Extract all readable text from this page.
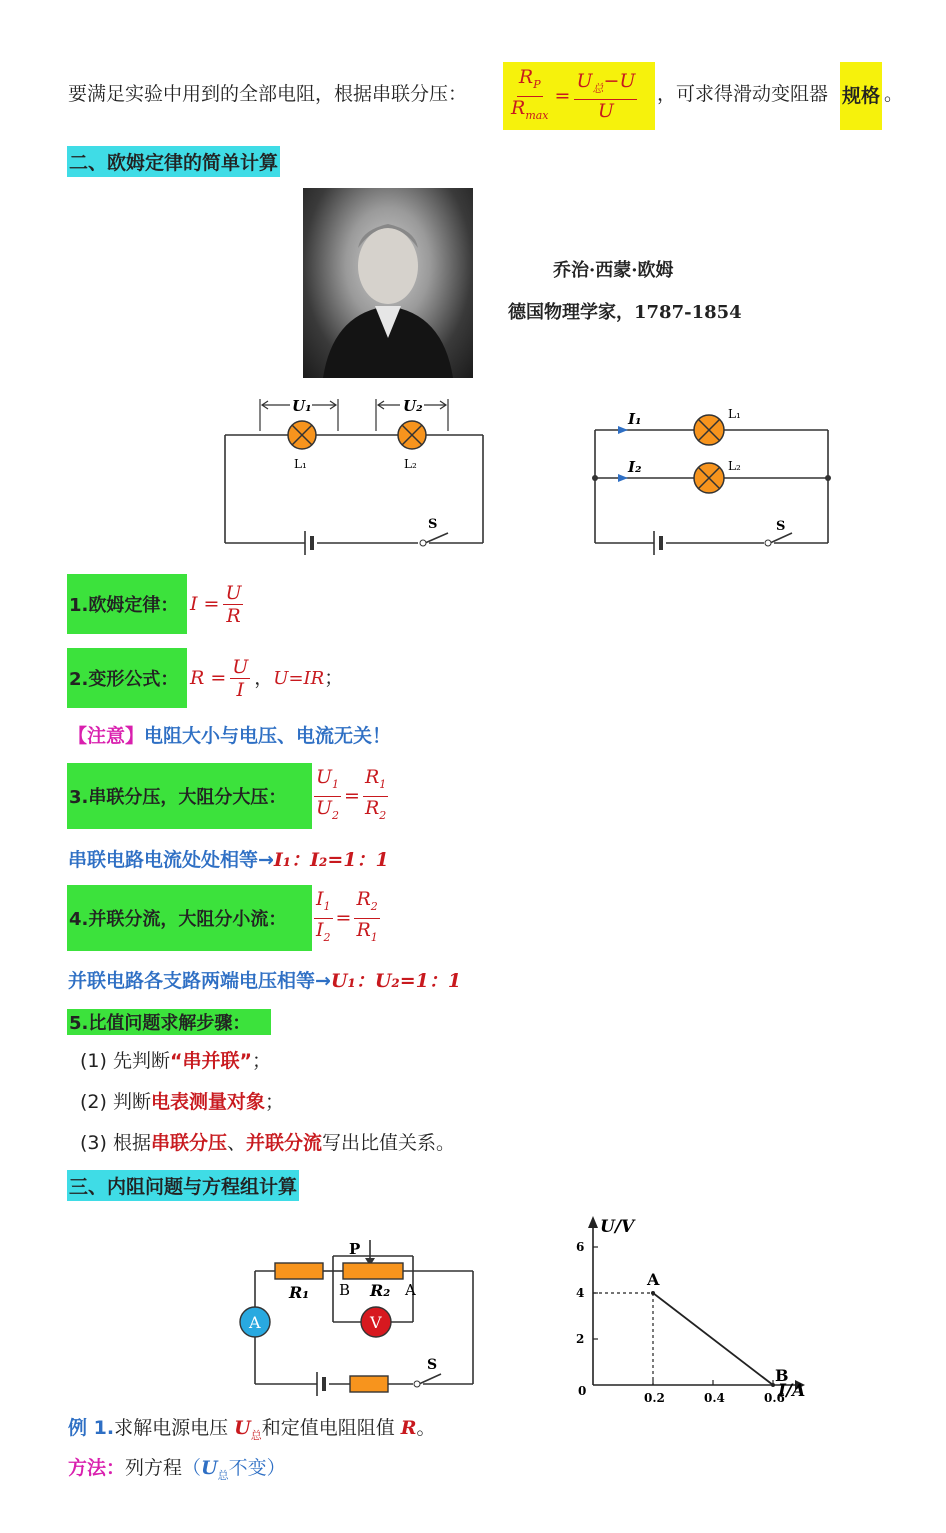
要满足实验中用到的全部电阻，根据串联分压： $\frac{R_P}{R_{max}} = \frac{U_总-U}{U}$ ，可求得滑动变阻器 规格 。
二、欧姆定律的简单计算
乔治·西蒙·欧姆
德国物理学家，1787-1854
U₁	U₂
L₁	L₂
S
I₁
I₂
L₁
L₂
S
1.欧姆定律： $I = \frac{U}{R}$
2.变形公式： $R = \frac{U}{I}$ ， U=IR ；
【注意】电阻大小与电压、电流无关！
3.串联分压，大阻分大压：	$\frac{U_1}{U_2} = \frac{R_1}{R_2}$
串联电路电流处处相等→I₁：I₂=1：1
4.并联分流，大阻分小流：	$\frac{I_1}{I_2} = \frac{R_2}{R_1}$
并联电路各支路两端电压相等→U₁：U₂=1：1
5.比值问题求解步骤：
(1) 先判断“串并联”；
(2) 判断电表测量对象；
(3) 根据串联分压、并联分流写出比值关系。
三、内阻问题与方程组计算
A	V
R₁	R₂
P
B	A
S
U/V
I/A
0	0.2	0.4	0.6
2
4
6
A
B
例 1.求解电源电压 $U_总$和定值电阻阻值 R。
方法：列方程（$U_总$不变）
